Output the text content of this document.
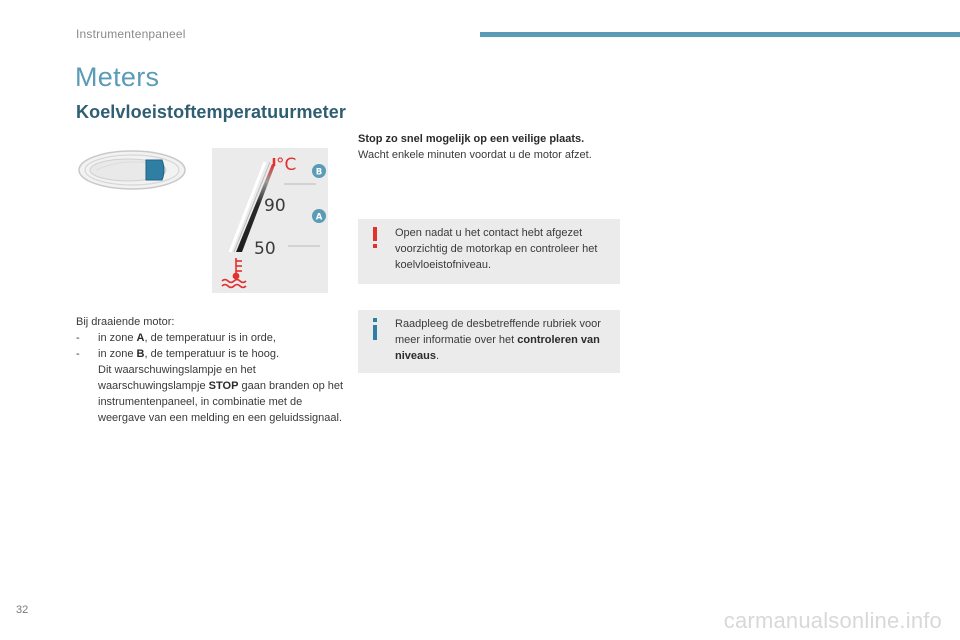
Instrumentenpaneel
Meters
Koelvloeistoftemperatuurmeter
°C
90
50
B
A
Bij draaiende motor:
- in zone A, de temperatuur is in orde,
- in zone B, de temperatuur is te hoog.
Dit waarschuwingslampje en het waarschuwingslampje STOP gaan branden op het instrumentenpaneel, in combinatie met de weergave van een melding en een geluidssignaal.
Stop zo snel mogelijk op een veilige plaats.
Wacht enkele minuten voordat u de motor afzet.
Open nadat u het contact hebt afgezet voorzichtig de motorkap en controleer het koelvloeistofniveau.
Raadpleeg de desbetreffende rubriek voor meer informatie over het controleren van niveaus.
32	carmanualsonline.info
